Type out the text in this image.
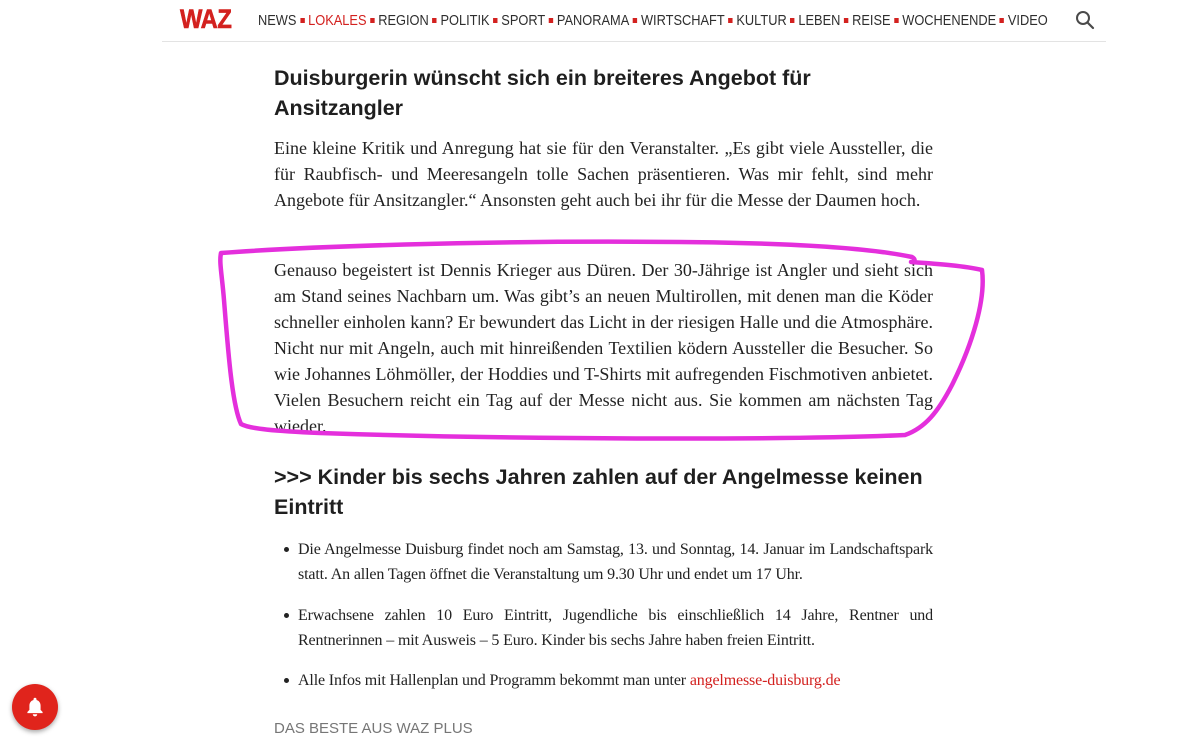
WAZ NEWS LOKALES REGION POLITIK SPORT PANORAMA WIRTSCHAFT KULTUR LEBEN REISE WOCHENENDE VIDEO
Duisburgerin wünscht sich ein breiteres Angebot für Ansitzangler

Eine kleine Kritik und Anregung hat sie für den Veranstalter. „Es gibt viele Aussteller, die für Raubfisch- und Meeresangeln tolle Sachen präsentieren. Was mir fehlt, sind mehr Angebote für Ansitzangler.“ Ansonsten geht auch bei ihr für die Messe der Daumen hoch.

Genauso begeistert ist Dennis Krieger aus Düren. Der 30-Jährige ist Angler und sieht sich am Stand seines Nachbarn um. Was gibt’s an neuen Multirollen, mit denen man die Köder schneller einholen kann? Er bewundert das Licht in der riesigen Halle und die Atmosphäre. Nicht nur mit Angeln, auch mit hinreißenden Textilien ködern Aussteller die Besucher. So wie Johannes Löhmöller, der Hoddies und T-Shirts mit aufregenden Fischmotiven anbietet. Vielen Besuchern reicht ein Tag auf der Messe nicht aus. Sie kommen am nächsten Tag wieder.

>>> Kinder bis sechs Jahren zahlen auf der Angelmesse keinen Eintritt
Die Angelmesse Duisburg findet noch am Samstag, 13. und Sonntag, 14. Januar im Landschaftspark statt. An allen Tagen öffnet die Veranstaltung um 9.30 Uhr und endet um 17 Uhr.
Erwachsene zahlen 10 Euro Eintritt, Jugendliche bis einschließlich 14 Jahre, Rentner und Rentnerinnen – mit Ausweis – 5 Euro. Kinder bis sechs Jahre haben freien Eintritt.
Alle Infos mit Hallenplan und Programm bekommt man unter angelmesse-duisburg.de
DAS BESTE AUS WAZ PLUS
